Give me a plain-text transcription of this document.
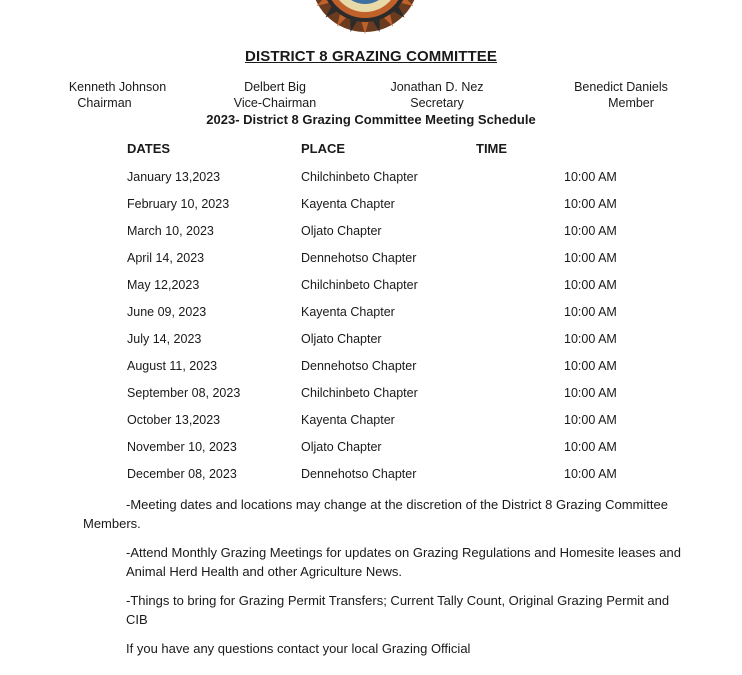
DISTRICT 8 GRAZING COMMITTEE
Kenneth Johnson
Chairman
Delbert Big
Vice-Chairman
Jonathan D. Nez
Secretary
Benedict Daniels
Member
2023- District 8 Grazing Committee Meeting Schedule
DATES	PLACE	TIME
January 13,2023	Chilchinbeto Chapter	10:00 AM
February 10, 2023	Kayenta Chapter	10:00 AM
March 10, 2023	Oljato Chapter	10:00 AM
April 14, 2023	Dennehotso Chapter	10:00 AM
May 12,2023	Chilchinbeto Chapter	10:00 AM
June 09, 2023	Kayenta Chapter	10:00 AM
July 14, 2023	Oljato Chapter	10:00 AM
August 11, 2023	Dennehotso Chapter	10:00 AM
September 08, 2023	Chilchinbeto Chapter	10:00 AM
October 13,2023	Kayenta Chapter	10:00 AM
November 10, 2023	Oljato Chapter	10:00 AM
December 08, 2023	Dennehotso Chapter	10:00 AM
-Meeting dates and locations may change at the discretion of the District 8 Grazing Committee
Members.
-Attend Monthly Grazing Meetings for updates on Grazing Regulations and Homesite leases and
Animal Herd Health and other Agriculture News.
-Things to bring for Grazing Permit Transfers; Current Tally Count, Original Grazing Permit and
CIB
If you have any questions contact your local Grazing Official
